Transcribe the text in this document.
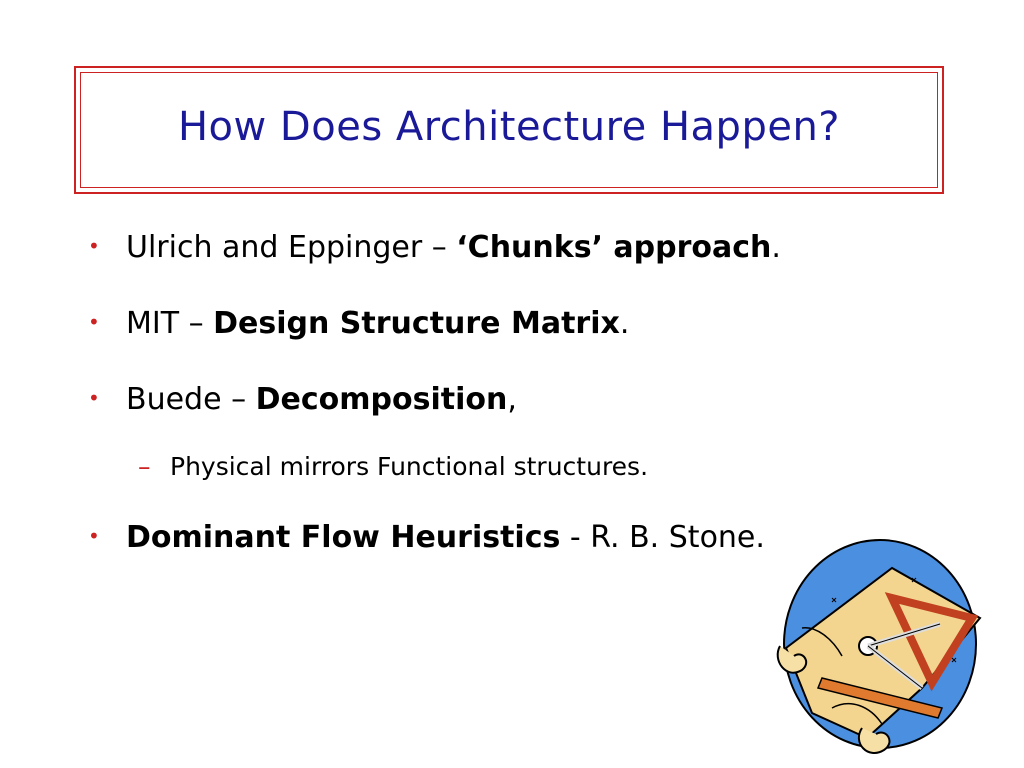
How Does Architecture Happen?
• Ulrich and Eppinger – ‘Chunks’ approach.
• MIT – Design Structure Matrix.
• Buede – Decomposition,
– Physical mirrors Functional structures.
• Dominant Flow Heuristics - R. B. Stone.
